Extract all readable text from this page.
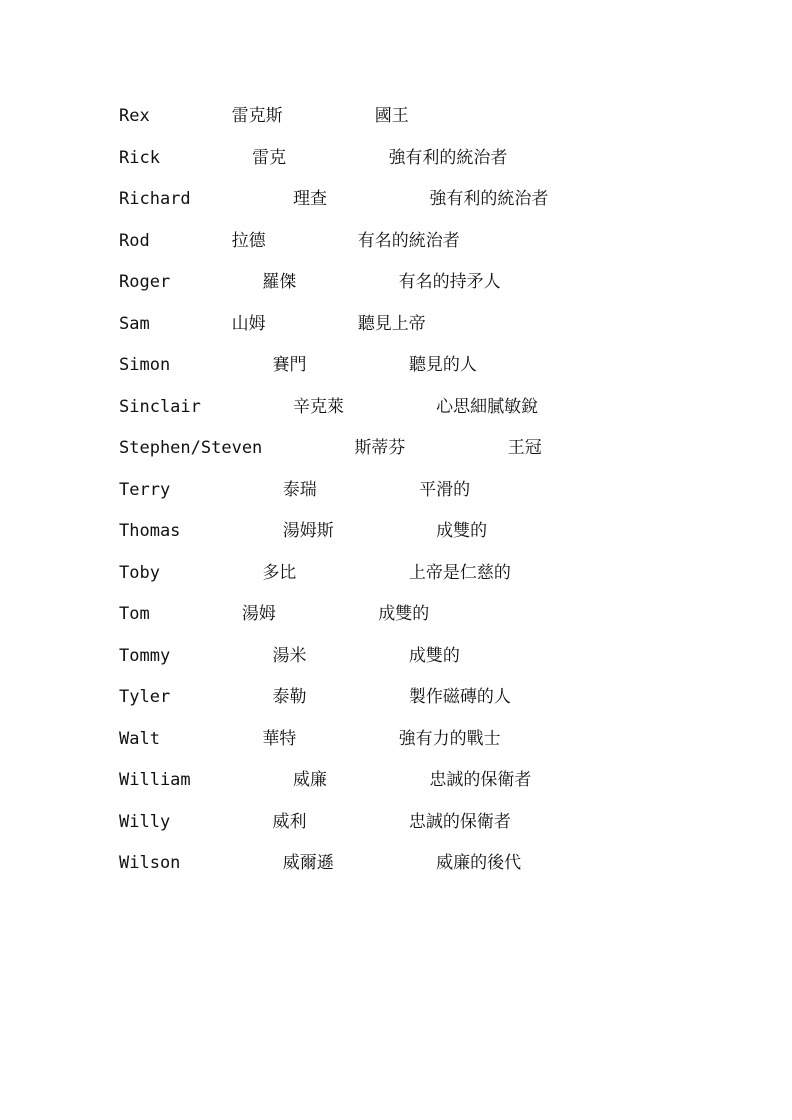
Rex	雷克斯	國王
Rick	雷克	強有利的統治者
Richard	理查	強有利的統治者
Rod	拉德	有名的統治者
Roger	羅傑	有名的持矛人
Sam	山姆	聽見上帝
Simon	賽門	聽見的人
Sinclair	辛克萊	心思細膩敏銳
Stephen/Steven	斯蒂芬	王冠
Terry	泰瑞	平滑的
Thomas	湯姆斯	成雙的
Toby	多比	上帝是仁慈的
Tom	湯姆	成雙的
Tommy	湯米	成雙的
Tyler	泰勒	製作磁磚的人
Walt	華特	強有力的戰士
William	威廉	忠誠的保衛者
Willy	威利	忠誠的保衛者
Wilson	威爾遜	威廉的後代
